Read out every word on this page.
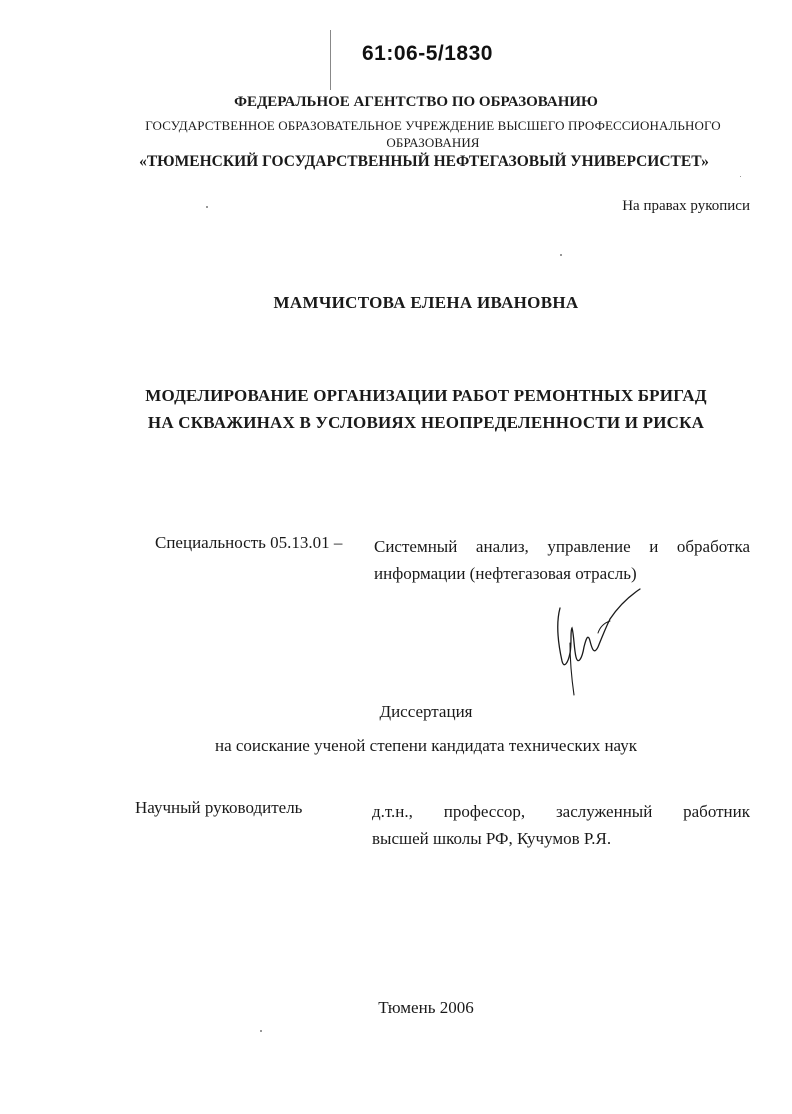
61:06-5/1830
ФЕДЕРАЛЬНОЕ АГЕНТСТВО ПО ОБРАЗОВАНИЮ
ГОСУДАРСТВЕННОЕ ОБРАЗОВАТЕЛЬНОЕ УЧРЕЖДЕНИЕ ВЫСШЕГО ПРОФЕССИОНАЛЬНОГО
ОБРАЗОВАНИЯ
«ТЮМЕНСКИЙ ГОСУДАРСТВЕННЫЙ НЕФТЕГАЗОВЫЙ УНИВЕРСИСТЕТ»
На правах рукописи
МАМЧИСТОВА ЕЛЕНА ИВАНОВНА
МОДЕЛИРОВАНИЕ ОРГАНИЗАЦИИ РАБОТ РЕМОНТНЫХ БРИГАД
НА СКВАЖИНАХ В УСЛОВИЯХ НЕОПРЕДЕЛЕННОСТИ И РИСКА
Специальность 05.13.01 – Системный анализ, управление и обработка
информации (нефтегазовая отрасль)
Диссертация
на соискание ученой степени кандидата технических наук
Научный руководитель	д.т.н., профессор, заслуженный работник
высшей школы РФ, Кучумов Р.Я.
Тюмень 2006
